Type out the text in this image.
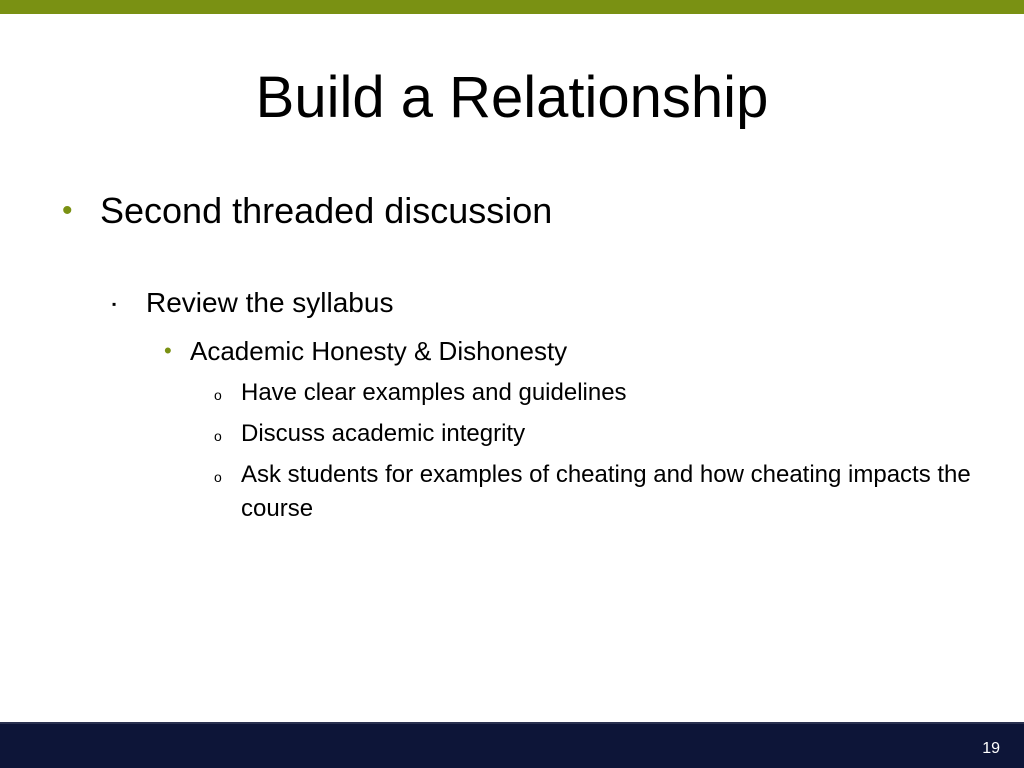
Build a Relationship
• Second threaded discussion
▪	Review the syllabus
• Academic Honesty & Dishonesty
o Have clear examples and guidelines
o Discuss academic integrity
o Ask students for examples of cheating and how cheating impacts the course
19
